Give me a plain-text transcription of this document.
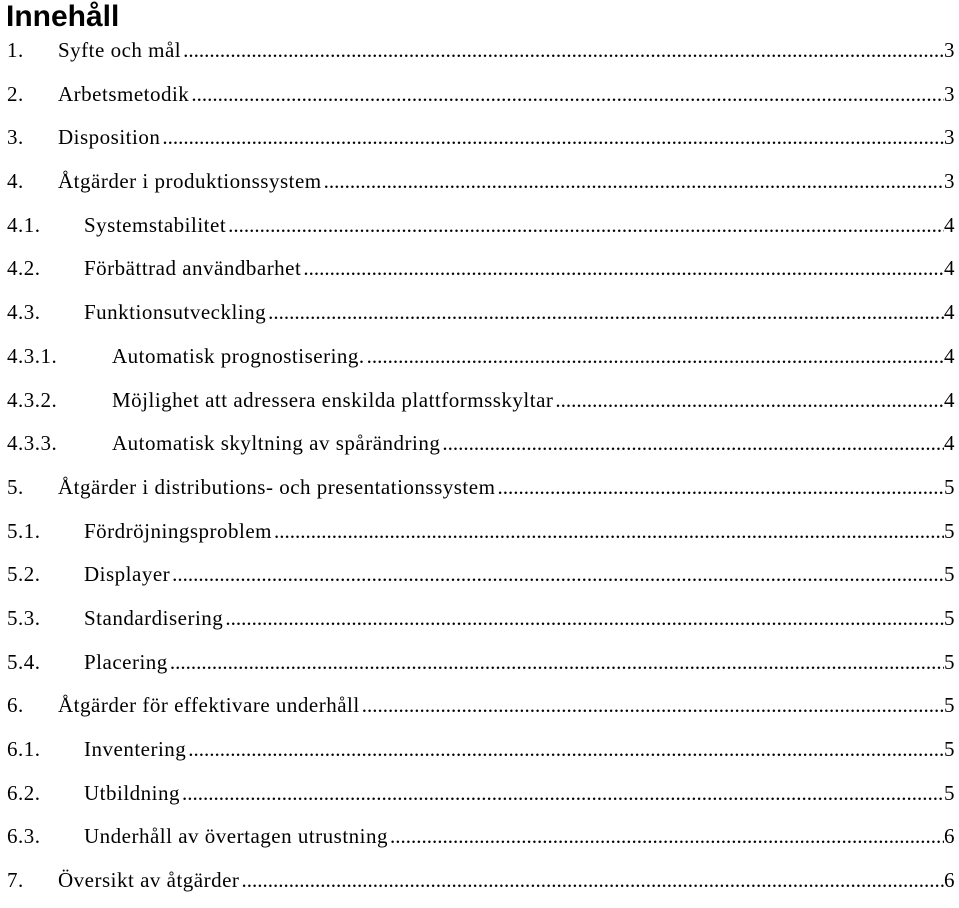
Innehåll
1.	Syfte och mål .....	3
2.	Arbetsmetodik .....	3
3.	Disposition .....	3
4.	Åtgärder i produktionssystem .....	3
4.1.	Systemstabilitet .....	4
4.2.	Förbättrad användbarhet .....	4
4.3.	Funktionsutveckling .....	4
4.3.1.	Automatisk prognostisering. .....	4
4.3.2.	Möjlighet att adressera enskilda plattformsskyltar .....	4
4.3.3.	Automatisk skyltning av spårändring .....	4
5.	Åtgärder i distributions- och presentationssystem .....	5
5.1.	Fördröjningsproblem .....	5
5.2.	Displayer .....	5
5.3.	Standardisering .....	5
5.4.	Placering .....	5
6.	Åtgärder för effektivare underhåll .....	5
6.1.	Inventering .....	5
6.2.	Utbildning .....	5
6.3.	Underhåll av övertagen utrustning .....	6
7.	Översikt av åtgärder .....	6
